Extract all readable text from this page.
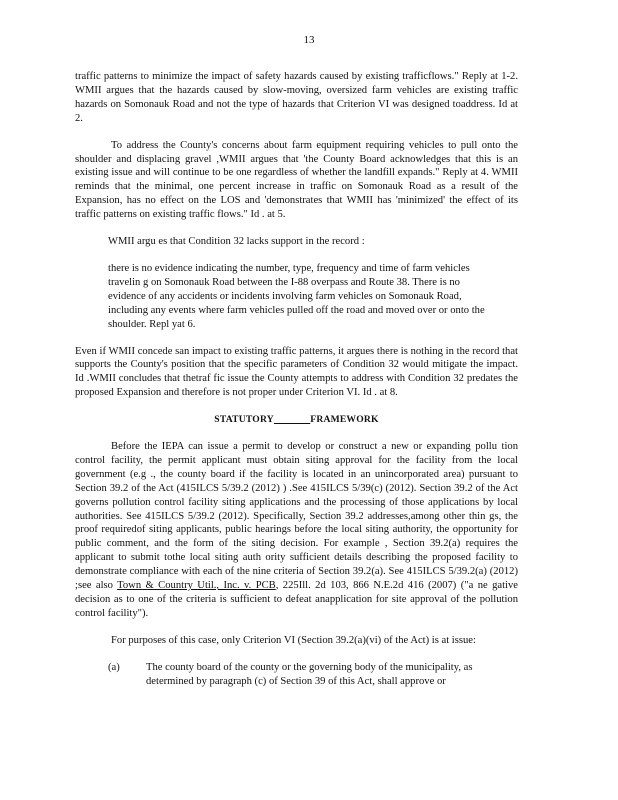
13

traffic patterns to minimize the impact of safety hazards caused by existing trafficflows." Reply at 1-2. WMII argues that the hazards caused by slow-moving, oversized farm vehicles are existing traffic hazards on Somonauk Road and not the type of hazards that Criterion VI was designed toaddress. Id at 2.

To address the County's concerns about farm equipment requiring vehicles to pull onto the shoulder and displacing gravel ,WMII argues that 'the County Board acknowledges that this is an existing issue and will continue to be one regardless of whether the landfill expands." Reply at 4. WMII reminds that the minimal, one percent increase in traffic on Somonauk Road as a result of the Expansion, has no effect on the LOS and 'demonstrates that WMII has 'minimized' the effect of its traffic patterns on existing traffic flows." Id . at 5.

WMII argu es that Condition 32 lacks support in the record :

there is no evidence indicating the number, type, frequency and time of farm vehicles travelin g on Somonauk Road between the I-88 overpass and Route 38. There is no evidence of any accidents or incidents involving farm vehicles on Somonauk Road, including any events where farm vehicles pulled off the road and moved over or onto the shoulder. Repl yat 6.

Even if WMII concede san impact to existing traffic patterns, it argues there is nothing in the record that supports the County's position that the specific parameters of Condition 32 would mitigate the impact. Id .WMII concludes that thetraf fic issue the County attempts to address with Condition 32 predates the proposed Expansion and therefore is not proper under Criterion VI. Id . at 8.

STATUTORY	FRAMEWORK

Before the IEPA can issue a permit to develop or construct a new or expanding pollu tion control facility, the permit applicant must obtain siting approval for the facility from the local government (e.g ., the county board if the facility is located in an unincorporated area) pursuant to Section 39.2 of the Act (415ILCS 5/39.2 (2012) ) .See 415ILCS 5/39(c) (2012). Section 39.2 of the Act governs pollution control facility siting applications and the processing of those applications by local authorities. See 415ILCS 5/39.2 (2012). Specifically, Section 39.2 addresses,among other thin gs, the proof requiredof siting applicants, public hearings before the local siting authority, the opportunity for public comment, and the form of the siting decision. For example , Section 39.2(a) requires the applicant to submit tothe local siting auth ority sufficient details describing the proposed facility to demonstrate compliance with each of the nine criteria of Section 39.2(a). See 415ILCS 5/39.2(a) (2012) ;see also Town & Country Util., Inc. v. PCB, 225Ill. 2d 103, 866 N.E.2d 416 (2007) ("a ne gative decision as to one of the criteria is sufficient to defeat anapplication for site approval of the pollution control facility").

For purposes of this case, only Criterion VI (Section 39.2(a)(vi) of the Act) is at issue:

(a)	The county board of the county or the governing body of the municipality, as determined by paragraph (c) of Section 39 of this Act, shall approve or
